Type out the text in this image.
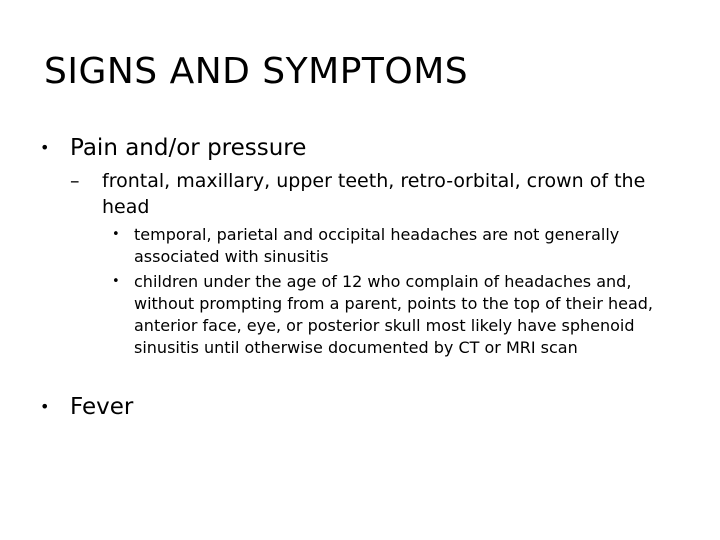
SIGNS AND SYMPTOMS
• Pain and/or pressure
–	frontal, maxillary, upper teeth, retro-orbital, crown of the head
• temporal, parietal and occipital headaches are not generally associated with sinusitis
• children under the age of 12 who complain of headaches and, without prompting from a parent, points to the top of their head, anterior face, eye, or posterior skull most likely have sphenoid sinusitis until otherwise documented by CT or MRI scan
• Fever
